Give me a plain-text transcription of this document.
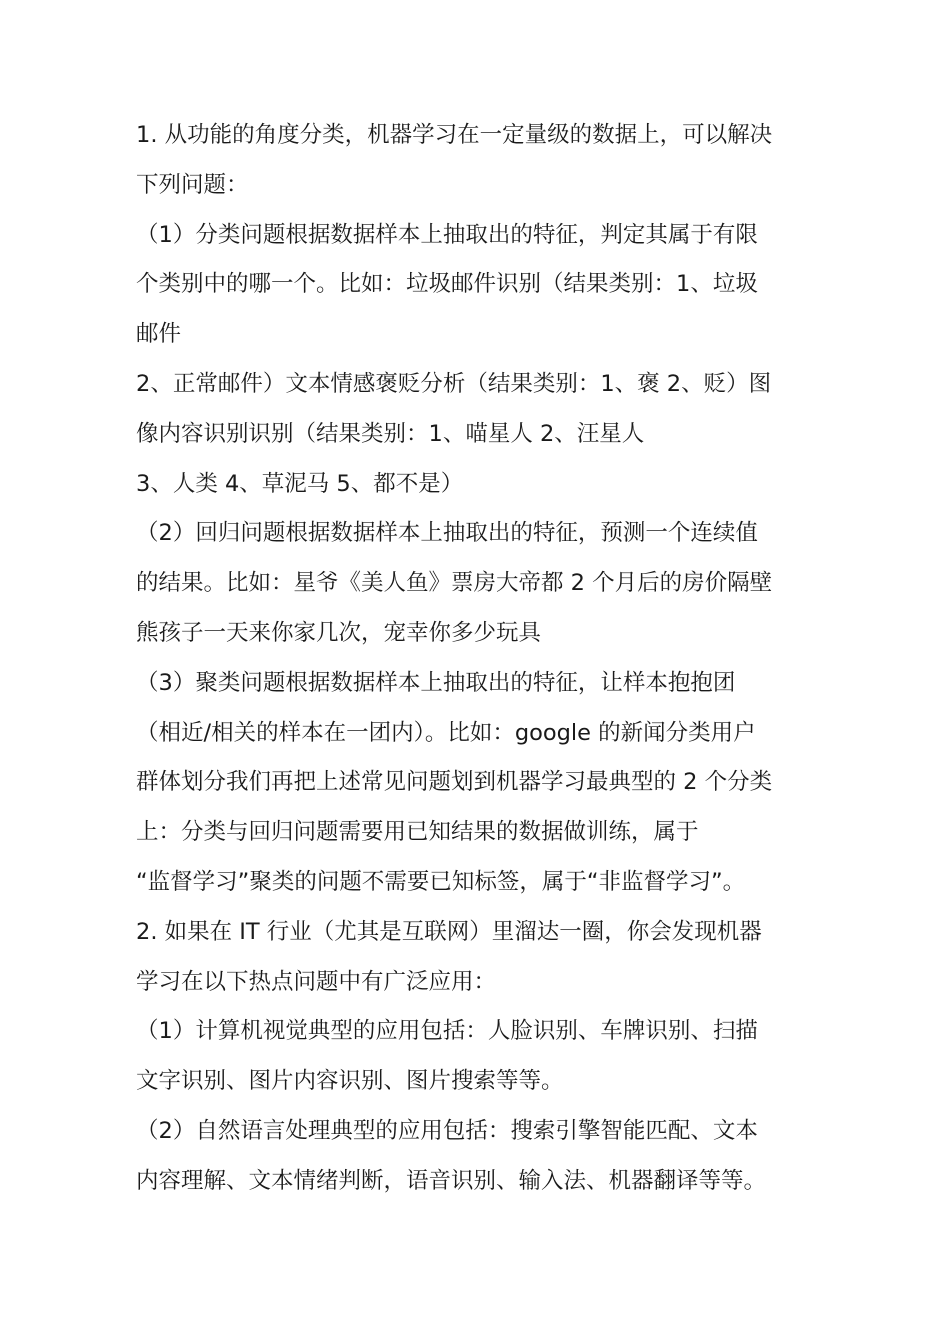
1. 从功能的角度分类，机器学习在一定量级的数据上，可以解决
下列问题：
（1）分类问题根据数据样本上抽取出的特征，判定其属于有限
个类别中的哪一个。比如：垃圾邮件识别（结果类别：1、垃圾
邮件
2、正常邮件）文本情感褒贬分析（结果类别：1、褒 2、贬）图
像内容识别识别（结果类别：1、喵星人 2、汪星人
3、人类 4、草泥马 5、都不是）
（2）回归问题根据数据样本上抽取出的特征，预测一个连续值
的结果。比如：星爷《美人鱼》票房大帝都 2 个月后的房价隔壁
熊孩子一天来你家几次，宠幸你多少玩具
（3）聚类问题根据数据样本上抽取出的特征，让样本抱抱团
（相近/相关的样本在一团内）。比如：google 的新闻分类用户
群体划分我们再把上述常见问题划到机器学习最典型的 2 个分类
上：分类与回归问题需要用已知结果的数据做训练，属于
“监督学习”聚类的问题不需要已知标签，属于“非监督学习”。
2. 如果在 IT 行业（尤其是互联网）里溜达一圈，你会发现机器
学习在以下热点问题中有广泛应用：
（1）计算机视觉典型的应用包括：人脸识别、车牌识别、扫描
文字识别、图片内容识别、图片搜索等等。
（2）自然语言处理典型的应用包括：搜索引擎智能匹配、文本
内容理解、文本情绪判断，语音识别、输入法、机器翻译等等。
